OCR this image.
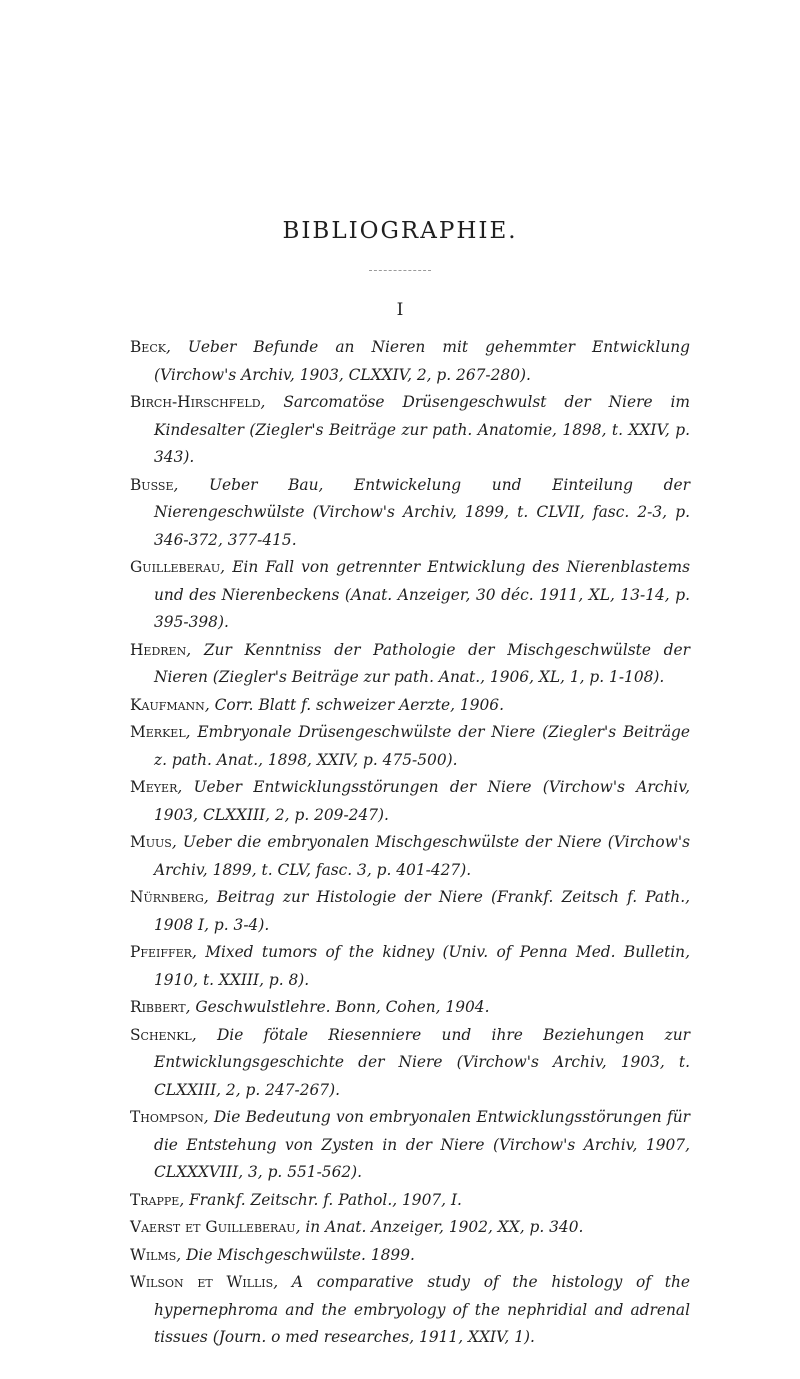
BIBLIOGRAPHIE.
I
Beck, Ueber Befunde an Nieren mit gehemmter Entwicklung (Virchow's Archiv, 1903, CLXXIV, 2, p. 267-280).
Birch-Hirschfeld, Sarcomatöse Drüsengeschwulst der Niere im Kindesalter (Ziegler's Beiträge zur path. Anatomie, 1898, t. XXIV, p. 343).
Busse, Ueber Bau, Entwickelung und Einteilung der Nierengeschwülste (Virchow's Archiv, 1899, t. CLVII, fasc. 2-3, p. 346-372, 377-415.
Guilleberau, Ein Fall von getrennter Entwicklung des Nierenblastems und des Nierenbeckens (Anat. Anzeiger, 30 déc. 1911, XL, 13-14, p. 395-398).
Hedren, Zur Kenntniss der Pathologie der Mischgeschwülste der Nieren (Ziegler's Beiträge zur path. Anat., 1906, XL, 1, p. 1-108).
Kaufmann, Corr. Blatt f. schweizer Aerzte, 1906.
Merkel, Embryonale Drüsengeschwülste der Niere (Ziegler's Beiträge z. path. Anat., 1898, XXIV, p. 475-500).
Meyer, Ueber Entwicklungsstörungen der Niere (Virchow's Archiv, 1903, CLXXIII, 2, p. 209-247).
Muus, Ueber die embryonalen Mischgeschwülste der Niere (Virchow's Archiv, 1899, t. CLV, fasc. 3, p. 401-427).
Nürnberg, Beitrag zur Histologie der Niere (Frankf. Zeitsch f. Path., 1908 I, p. 3-4).
Pfeiffer, Mixed tumors of the kidney (Univ. of Penna Med. Bulletin, 1910, t. XXIII, p. 8).
Ribbert, Geschwulstlehre. Bonn, Cohen, 1904.
Schenkl, Die fötale Riesenniere und ihre Beziehungen zur Entwicklungsgeschichte der Niere (Virchow's Archiv, 1903, t. CLXXIII, 2, p. 247-267).
Thompson, Die Bedeutung von embryonalen Entwicklungsstörungen für die Entstehung von Zysten in der Niere (Virchow's Archiv, 1907, CLXXXVIII, 3, p. 551-562).
Trappe, Frankf. Zeitschr. f. Pathol., 1907, I.
Vaerst et Guilleberau, in Anat. Anzeiger, 1902, XX, p. 340.
Wilms, Die Mischgeschwülste. 1899.
Wilson et Willis, A comparative study of the histology of the hypernephroma and the embryology of the nephridial and adrenal tissues (Journ. o med researches, 1911, XXIV, 1).
